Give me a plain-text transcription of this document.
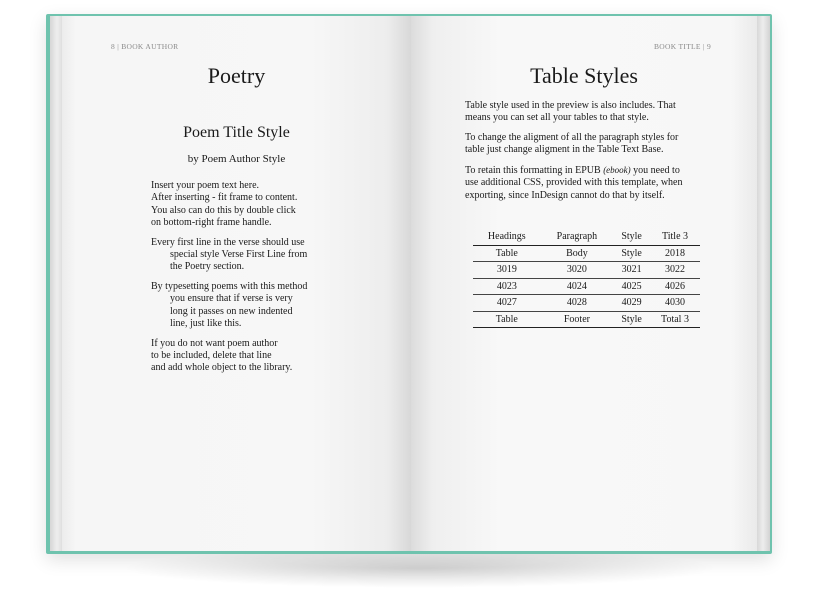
8 | BOOK AUTHOR
Poetry
Poem Title Style
by Poem Author Style
Insert your poem text here.
After inserting - fit frame to content.
You also can do this by double click
on bottom-right frame handle.
Every first line in the verse should use
special style Verse First Line from
the Poetry section.
By typesetting poems with this method
you ensure that if verse is very
long it passes on new indented
line, just like this.
If you do not want poem author
to be included, delete that line
and add whole object to the library.
BOOK TITLE | 9
Table Styles

Table style used in the preview is also includes. That
means you can set all your tables to that style.

To change the aligment of all the paragraph styles for
table just change aligment in the Table Text Base.

To retain this formatting in EPUB (ebook) you need to
use additional CSS, provided with this template, when
exporting, since InDesign cannot do that by itself.

Headings	Paragraph	Style	Title 3
Table	Body	Style	2018
3019	3020	3021	3022
4023	4024	4025	4026
4027	4028	4029	4030
Table	Footer	Style	Total 3
